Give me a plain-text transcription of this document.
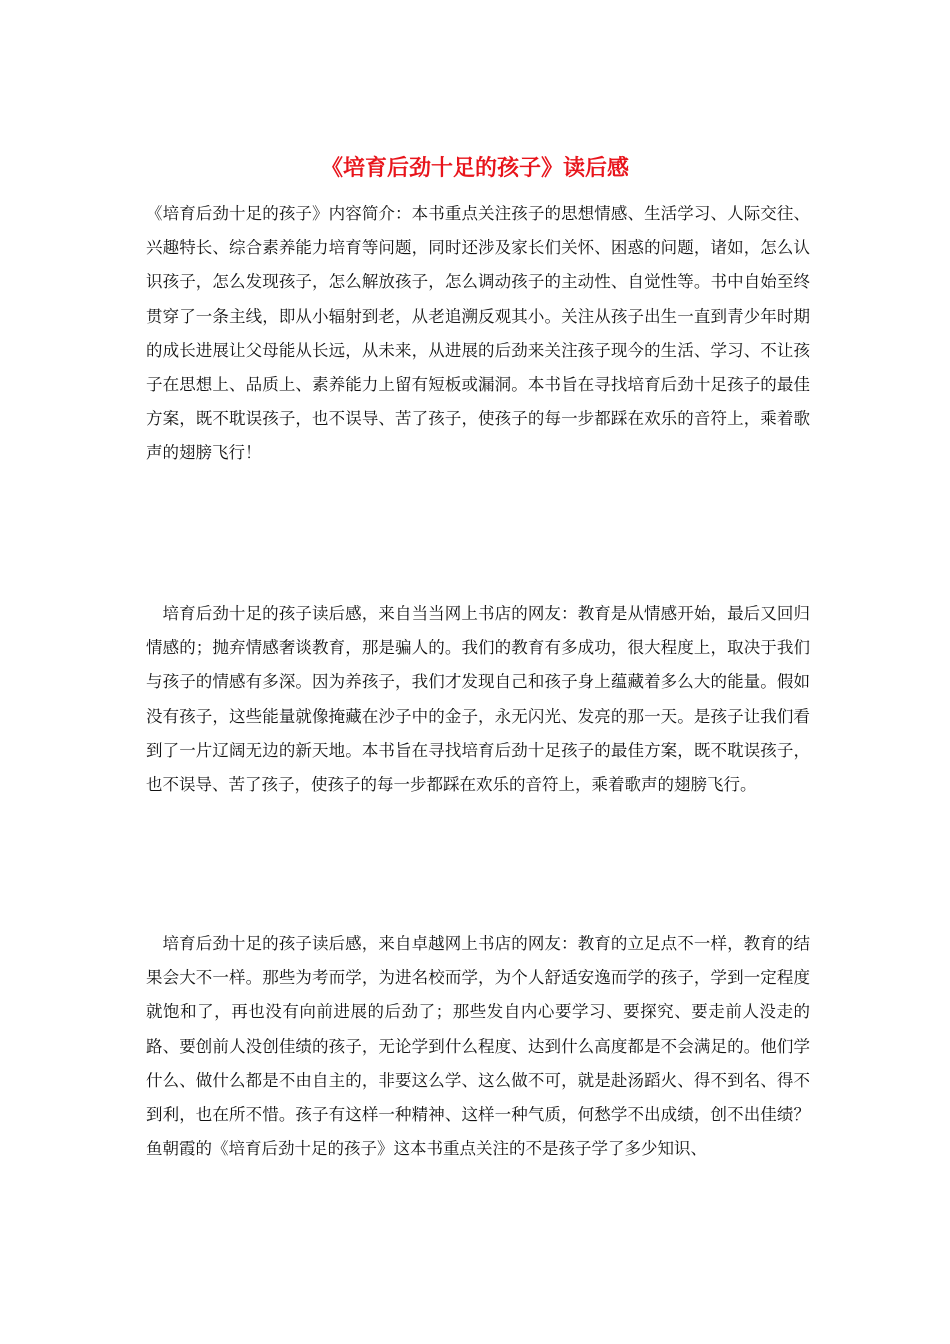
《培育后劲十足的孩子》读后感

《培育后劲十足的孩子》内容简介：本书重点关注孩子的思想情感、生活学习、人际交往、兴趣特长、综合素养能力培育等问题，同时还涉及家长们关怀、困惑的问题，诸如，怎么认识孩子，怎么发现孩子，怎么解放孩子，怎么调动孩子的主动性、自觉性等。书中自始至终贯穿了一条主线，即从小辐射到老，从老追溯反观其小。关注从孩子出生一直到青少年时期的成长进展让父母能从长远，从未来，从进展的后劲来关注孩子现今的生活、学习、不让孩子在思想上、品质上、素养能力上留有短板或漏洞。本书旨在寻找培育后劲十足孩子的最佳方案，既不耽误孩子，也不误导、苦了孩子，使孩子的每一步都踩在欢乐的音符上，乘着歌声的翅膀飞行！

培育后劲十足的孩子读后感，来自当当网上书店的网友：教育是从情感开始，最后又回归情感的；抛弃情感奢谈教育，那是骗人的。我们的教育有多成功，很大程度上，取决于我们与孩子的情感有多深。因为养孩子，我们才发现自己和孩子身上蕴藏着多么大的能量。假如没有孩子，这些能量就像掩藏在沙子中的金子，永无闪光、发亮的那一天。是孩子让我们看到了一片辽阔无边的新天地。本书旨在寻找培育后劲十足孩子的最佳方案，既不耽误孩子，也不误导、苦了孩子，使孩子的每一步都踩在欢乐的音符上，乘着歌声的翅膀飞行。

培育后劲十足的孩子读后感，来自卓越网上书店的网友：教育的立足点不一样，教育的结果会大不一样。那些为考而学，为进名校而学，为个人舒适安逸而学的孩子，学到一定程度就饱和了，再也没有向前进展的后劲了；那些发自内心要学习、要探究、要走前人没走的路、要创前人没创佳绩的孩子，无论学到什么程度、达到什么高度都是不会满足的。他们学什么、做什么都是不由自主的，非要这么学、这么做不可，就是赴汤蹈火、得不到名、得不到利，也在所不惜。孩子有这样一种精神、这样一种气质，何愁学不出成绩，创不出佳绩？鱼朝霞的《培育后劲十足的孩子》这本书重点关注的不是孩子学了多少知识、
